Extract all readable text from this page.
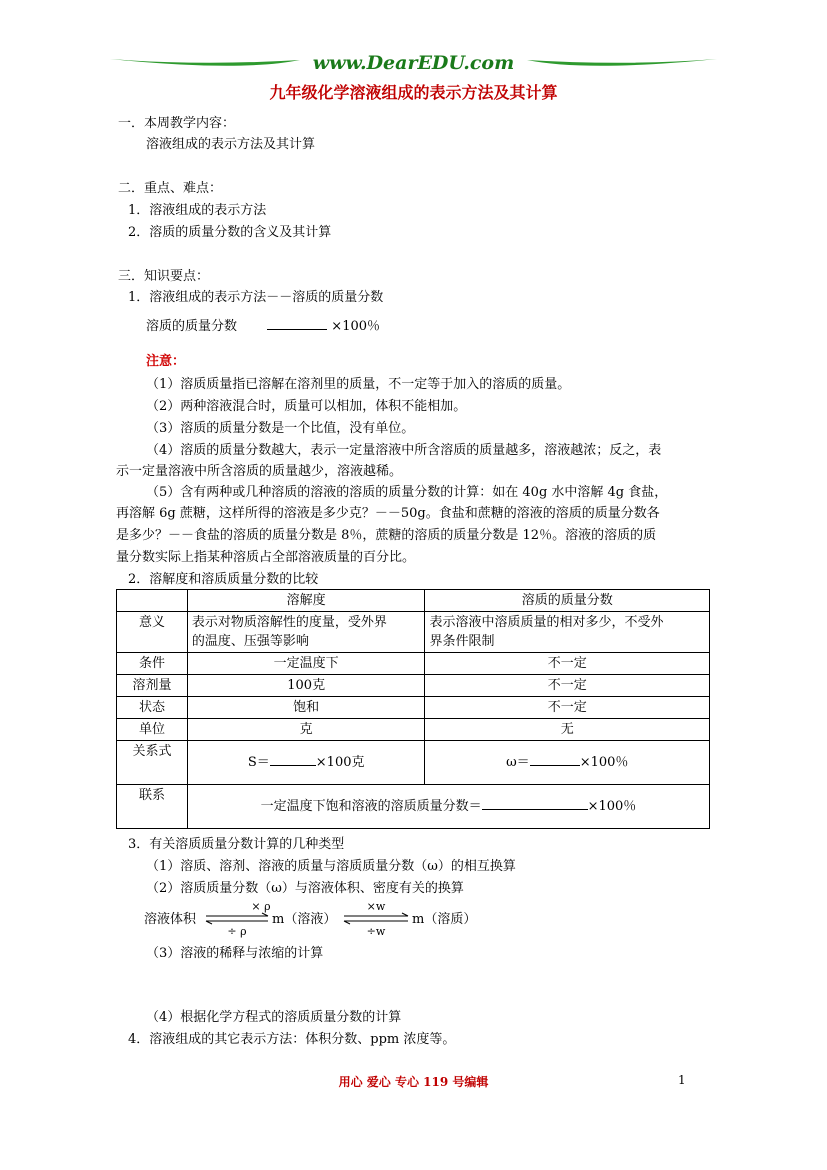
www.DearEDU.com
九年级化学溶液组成的表示方法及其计算
一．本周教学内容：
溶液组成的表示方法及其计算
二．重点、难点：
1．溶液组成的表示方法
2．溶质的质量分数的含义及其计算
三．知识要点：
1．溶液组成的表示方法－－溶质的质量分数
溶质的质量分数	×100％
注意：
（1）溶质质量指已溶解在溶剂里的质量，不一定等于加入的溶质的质量。
（2）两种溶液混合时，质量可以相加，体积不能相加。
（3）溶质的质量分数是一个比值，没有单位。
（4）溶质的质量分数越大，表示一定量溶液中所含溶质的质量越多，溶液越浓；反之，表
示一定量溶液中所含溶质的质量越少，溶液越稀。
（5）含有两种或几种溶质的溶液的溶质的质量分数的计算：如在 40g 水中溶解 4g 食盐，
再溶解 6g 蔗糖，这样所得的溶液是多少克？－－50g。食盐和蔗糖的溶液的溶质的质量分数各
是多少？－－食盐的溶质的质量分数是 8％，蔗糖的溶质的质量分数是 12％。溶液的溶质的质
量分数实际上指某种溶质占全部溶液质量的百分比。
2．溶解度和溶质质量分数的比较
	溶解度	溶质的质量分数
意义	表示对物质溶解性的度量，受外界
的温度、压强等影响	表示溶液中溶质质量的相对多少，不受外
界条件限制
条件	一定温度下	不一定
溶剂量	100克	不一定
状态	饱和	不一定
单位	克	无
关系式	S＝ ×100克	ω＝ ×100％
联系	一定温度下饱和溶液的溶质质量分数＝ ×100％	
3．有关溶质质量分数计算的几种类型
（1）溶质、溶剂、溶液的质量与溶质质量分数（ω）的相互换算
（2）溶质质量分数（ω）与溶液体积、密度有关的换算
溶液体积
× ρ
÷ ρ
m（溶液）
×w
÷w
m（溶质）
（3）溶液的稀释与浓缩的计算
（4）根据化学方程式的溶质质量分数的计算
4．溶液组成的其它表示方法：体积分数、ppm 浓度等。
用心 爱心 专心 119 号编辑	1
